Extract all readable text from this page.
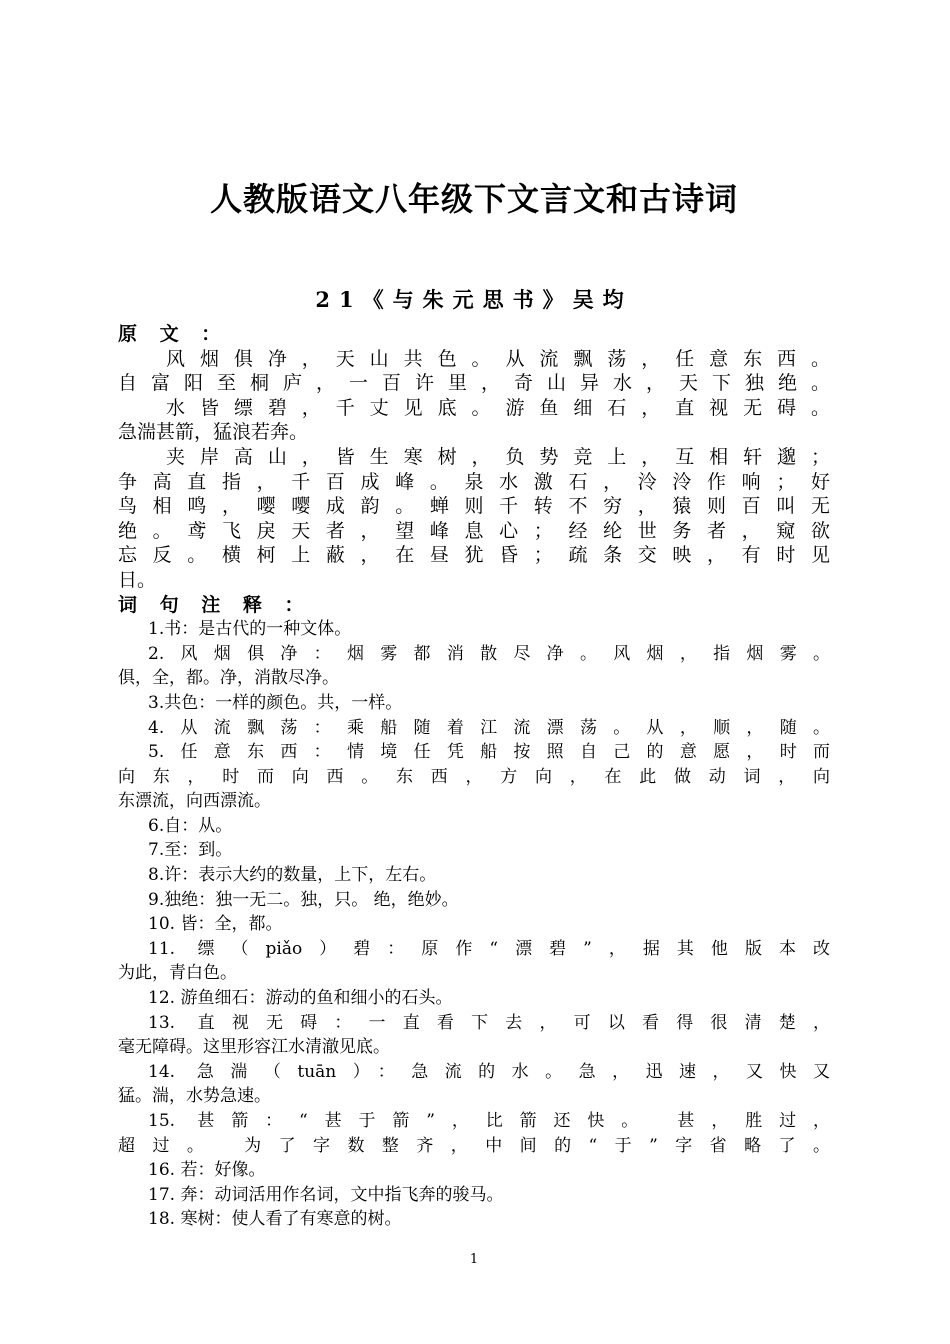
人教版语文八年级下文言文和古诗词
21《与朱元思书》吴均
原 文 ：
风烟俱净，天山共色。从流飘荡，任意东西。
自富阳至桐庐，一百许里，奇山异水，天下独绝。
水皆缥碧，千丈见底。游鱼细石，直视无碍。
急湍甚箭，猛浪若奔。
夹岸高山，皆生寒树，负势竞上，互相轩邈；
争高直指，千百成峰。泉水激石，泠泠作响；好
鸟相鸣，嘤嘤成韵。蝉则千转不穷，猿则百叫无
绝。鸢飞戾天者，望峰息心；经纶世务者，窥欲
忘反。横柯上蔽，在昼犹昏；疏条交映，有时见
日。
词 句 注 释 ：
1.书：是古代的一种文体。
2.风烟俱净：烟雾都消散尽净。风烟，指烟雾。
俱，全，都。净，消散尽净。
3.共色：一样的颜色。共，一样。
4.从流飘荡：乘船随着江流漂荡。从，顺，随。
5.任意东西：情境任凭船按照自己的意愿，时而
向东，时而向西。东西，方向，在此做动词，向
东漂流，向西漂流。
6.自：从。
7.至：到。
8.许：表示大约的数量，上下，左右。
9.独绝：独一无二。独，只。 绝，绝妙。
10. 皆：全，都。
11. 缥（piǎo）碧：原作“漂碧”，据其他版本改
为此，青白色。
12. 游鱼细石：游动的鱼和细小的石头。
13. 直视无碍：一直看下去，可以看得很清楚，
毫无障碍。这里形容江水清澈见底。
14. 急湍（tuān）：急流的水。急，迅速，又快又
猛。湍，水势急速。
15. 甚箭：“甚于箭”，比箭还快。 甚，胜过，
超过。 为了字数整齐，中间的“于”字省略了。
16. 若：好像。
17. 奔：动词活用作名词，文中指飞奔的骏马。
18. 寒树：使人看了有寒意的树。
1
